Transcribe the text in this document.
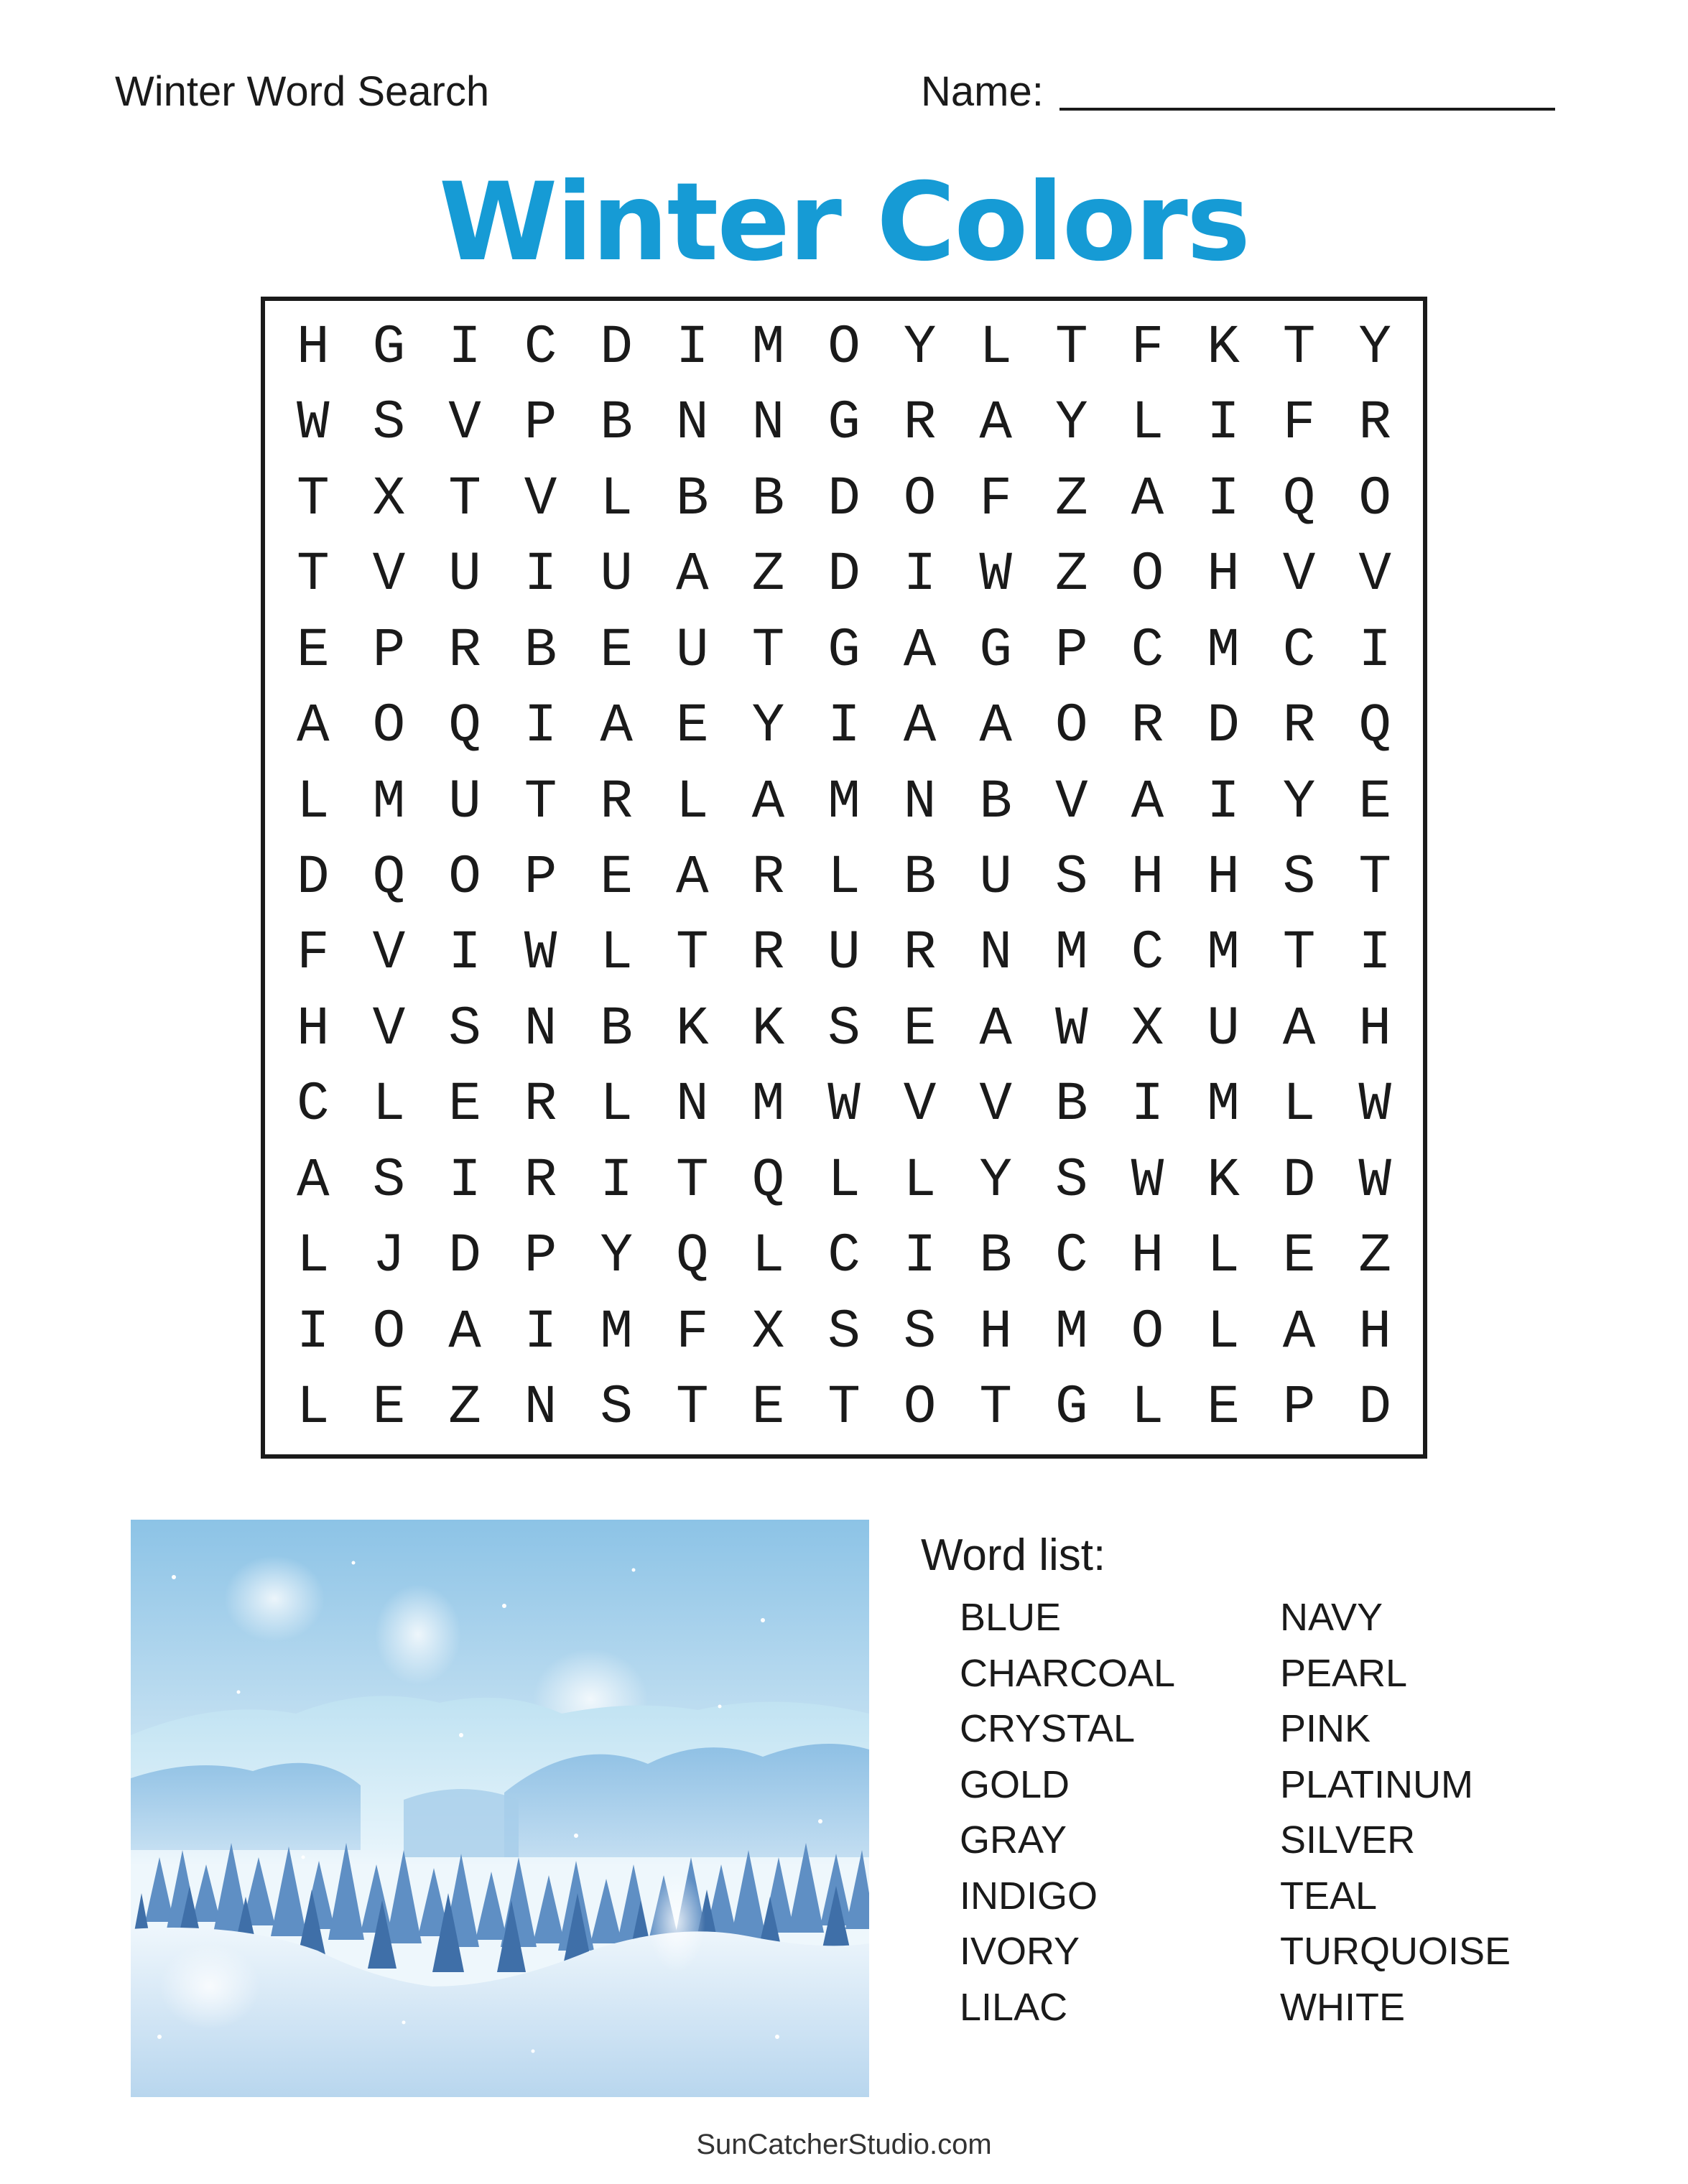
Winter Word Search	Name:
Winter Colors
H G I C D I M O Y L T F K T Y
W S V P B N N G R A Y L I F R
T X T V L B B D O F Z A I Q O
T V U I U A Z D I W Z O H V V
E P R B E U T G A G P C M C I
A O Q I A E Y I A A O R D R Q
L M U T R L A M N B V A I Y E
D Q O P E A R L B U S H H S T
F V I W L T R U R N M C M T I
H V S N B K K S E A W X U A H
C L E R L N M W V V B I M L W
A S I R I T Q L L Y S W K D W
L J D P Y Q L C I B C H L E Z
I O A I M F X S S H M O L A H
L E Z N S T E T O T G L E P D
Word list:
BLUE
CHARCOAL
CRYSTAL
GOLD
GRAY
INDIGO
IVORY
LILAC
NAVY
PEARL
PINK
PLATINUM
SILVER
TEAL
TURQUOISE
WHITE
SunCatcherStudio.com
